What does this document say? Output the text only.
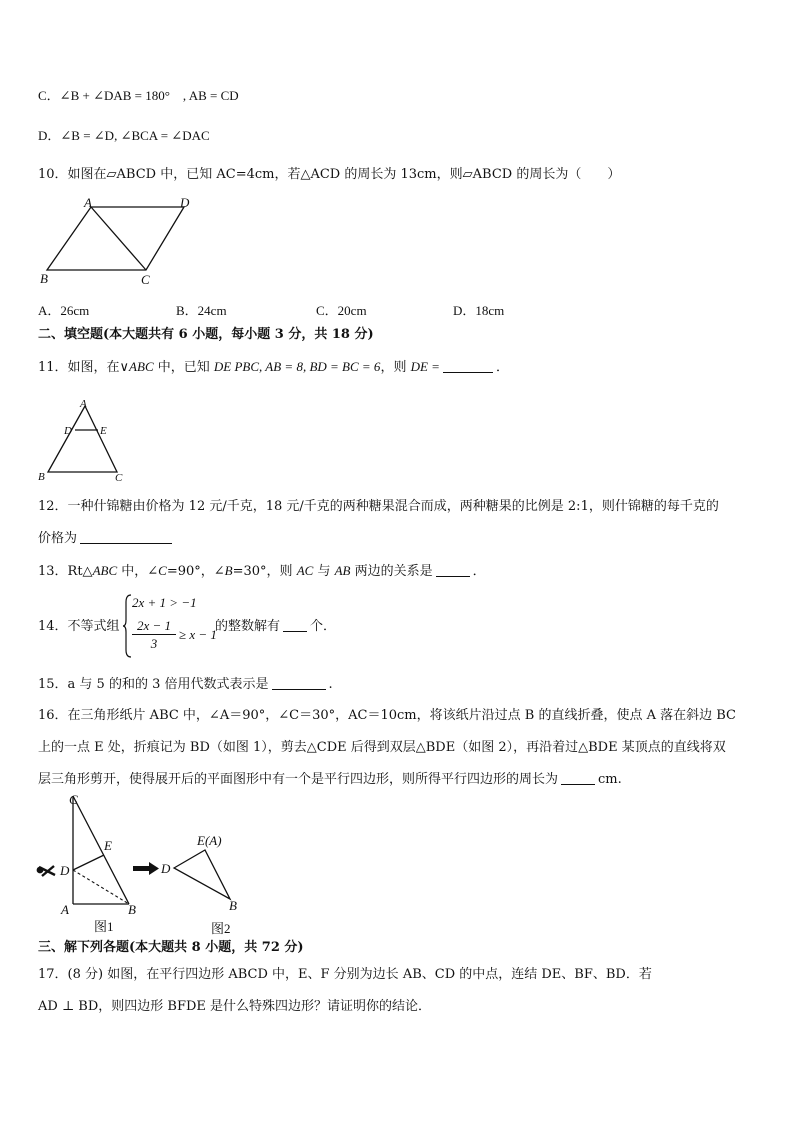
C．∠B + ∠DAB = 180°　, AB = CD
D．∠B = ∠D, ∠BCA = ∠DAC
10．如图在▱ABCD 中，已知 AC=4cm，若△ACD 的周长为 13cm，则▱ABCD 的周长为（　　）
A	D
B	C
A．26cm	B．24cm	C．20cm	D．18cm
二、填空题(本大题共有 6 小题，每小题 3 分，共 18 分)
11．如图，在∨ABC 中，已知 DE PBC, AB = 8, BD = BC = 6，则 DE =	．
A
D	E
B	C
12．一种什锦糖由价格为 12 元/千克，18 元/千克的两种糖果混合而成，两种糖果的比例是 2:1，则什锦糖的每千克的
价格为
13．Rt△ABC 中，∠C=90°，∠B=30°，则 AC 与 AB 两边的关系是	．
14．不等式组
2x + 1 > −1
$\frac{2x - 1}{3} \ge x - 1$
的整数解有 个．
15．a 与 5 的和的 3 倍用代数式表示是	.
16．在三角形纸片 ABC 中，∠A＝90°，∠C＝30°，AC＝10cm，将该纸片沿过点 B 的直线折叠，使点 A 落在斜边 BC
上的一点 E 处，折痕记为 BD（如图 1），剪去△CDE 后得到双层△BDE（如图 2），再沿着过△BDE 某顶点的直线将双
层三角形剪开，使得展开后的平面图形中有一个是平行四边形，则所得平行四边形的周长为	cm.
C
E
D
A	B
图1
E(A)
D
B
图2
三、解下列各题(本大题共 8 小题，共 72 分)
17．(8 分) 如图，在平行四边形 ABCD 中，E、F 分别为边长 AB、CD 的中点，连结 DE、BF、BD．若
AD ⊥ BD，则四边形 BFDE 是什么特殊四边形？请证明你的结论．
